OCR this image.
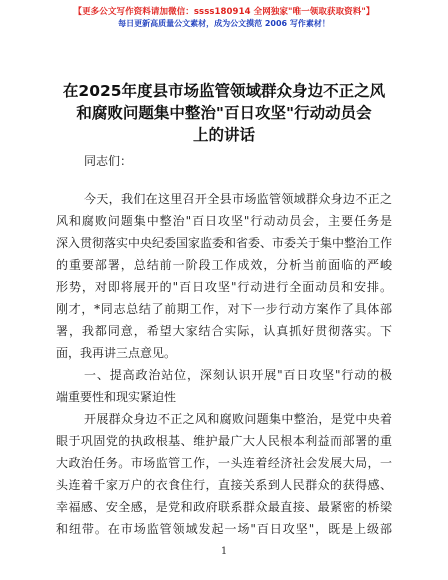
【更多公文写作资料请加微信：ssss180914 全网独家"唯一领取获取资料"】
每日更新高质量公文素材，成为公文摸范 2006 写作素材！
在2025年度县市场监管领域群众身边不正之风
和腐败问题集中整治"百日攻坚"行动动员会
上的讲话
同志们：
今天，我们在这里召开全县市场监管领域群众身边不正之
风和腐败问题集中整治"百日攻坚"行动动员会，主要任务是
深入贯彻落实中央纪委国家监委和省委、市委关于集中整治工作
的重要部署，总结前一阶段工作成效，分析当前面临的严峻
形势，对即将展开的"百日攻坚"行动进行全面动员和安排。
刚才，*同志总结了前期工作，对下一步行动方案作了具体部
署，我都同意，希望大家结合实际，认真抓好贯彻落实。下
面，我再讲三点意见。
一、提高政治站位，深刻认识开展"百日攻坚"行动的极
端重要性和现实紧迫性
开展群众身边不正之风和腐败问题集中整治，是党中央着
眼于巩固党的执政根基、维护最广大人民根本利益而部署的重
大政治任务。市场监管工作，一头连着经济社会发展大局，一
头连着千家万户的衣食住行，直接关系到人民群众的获得感、
幸福感、安全感，是党和政府联系群众最直接、最紧密的桥梁
和纽带。在市场监管领域发起一场"百日攻坚"，既是上级部
1
